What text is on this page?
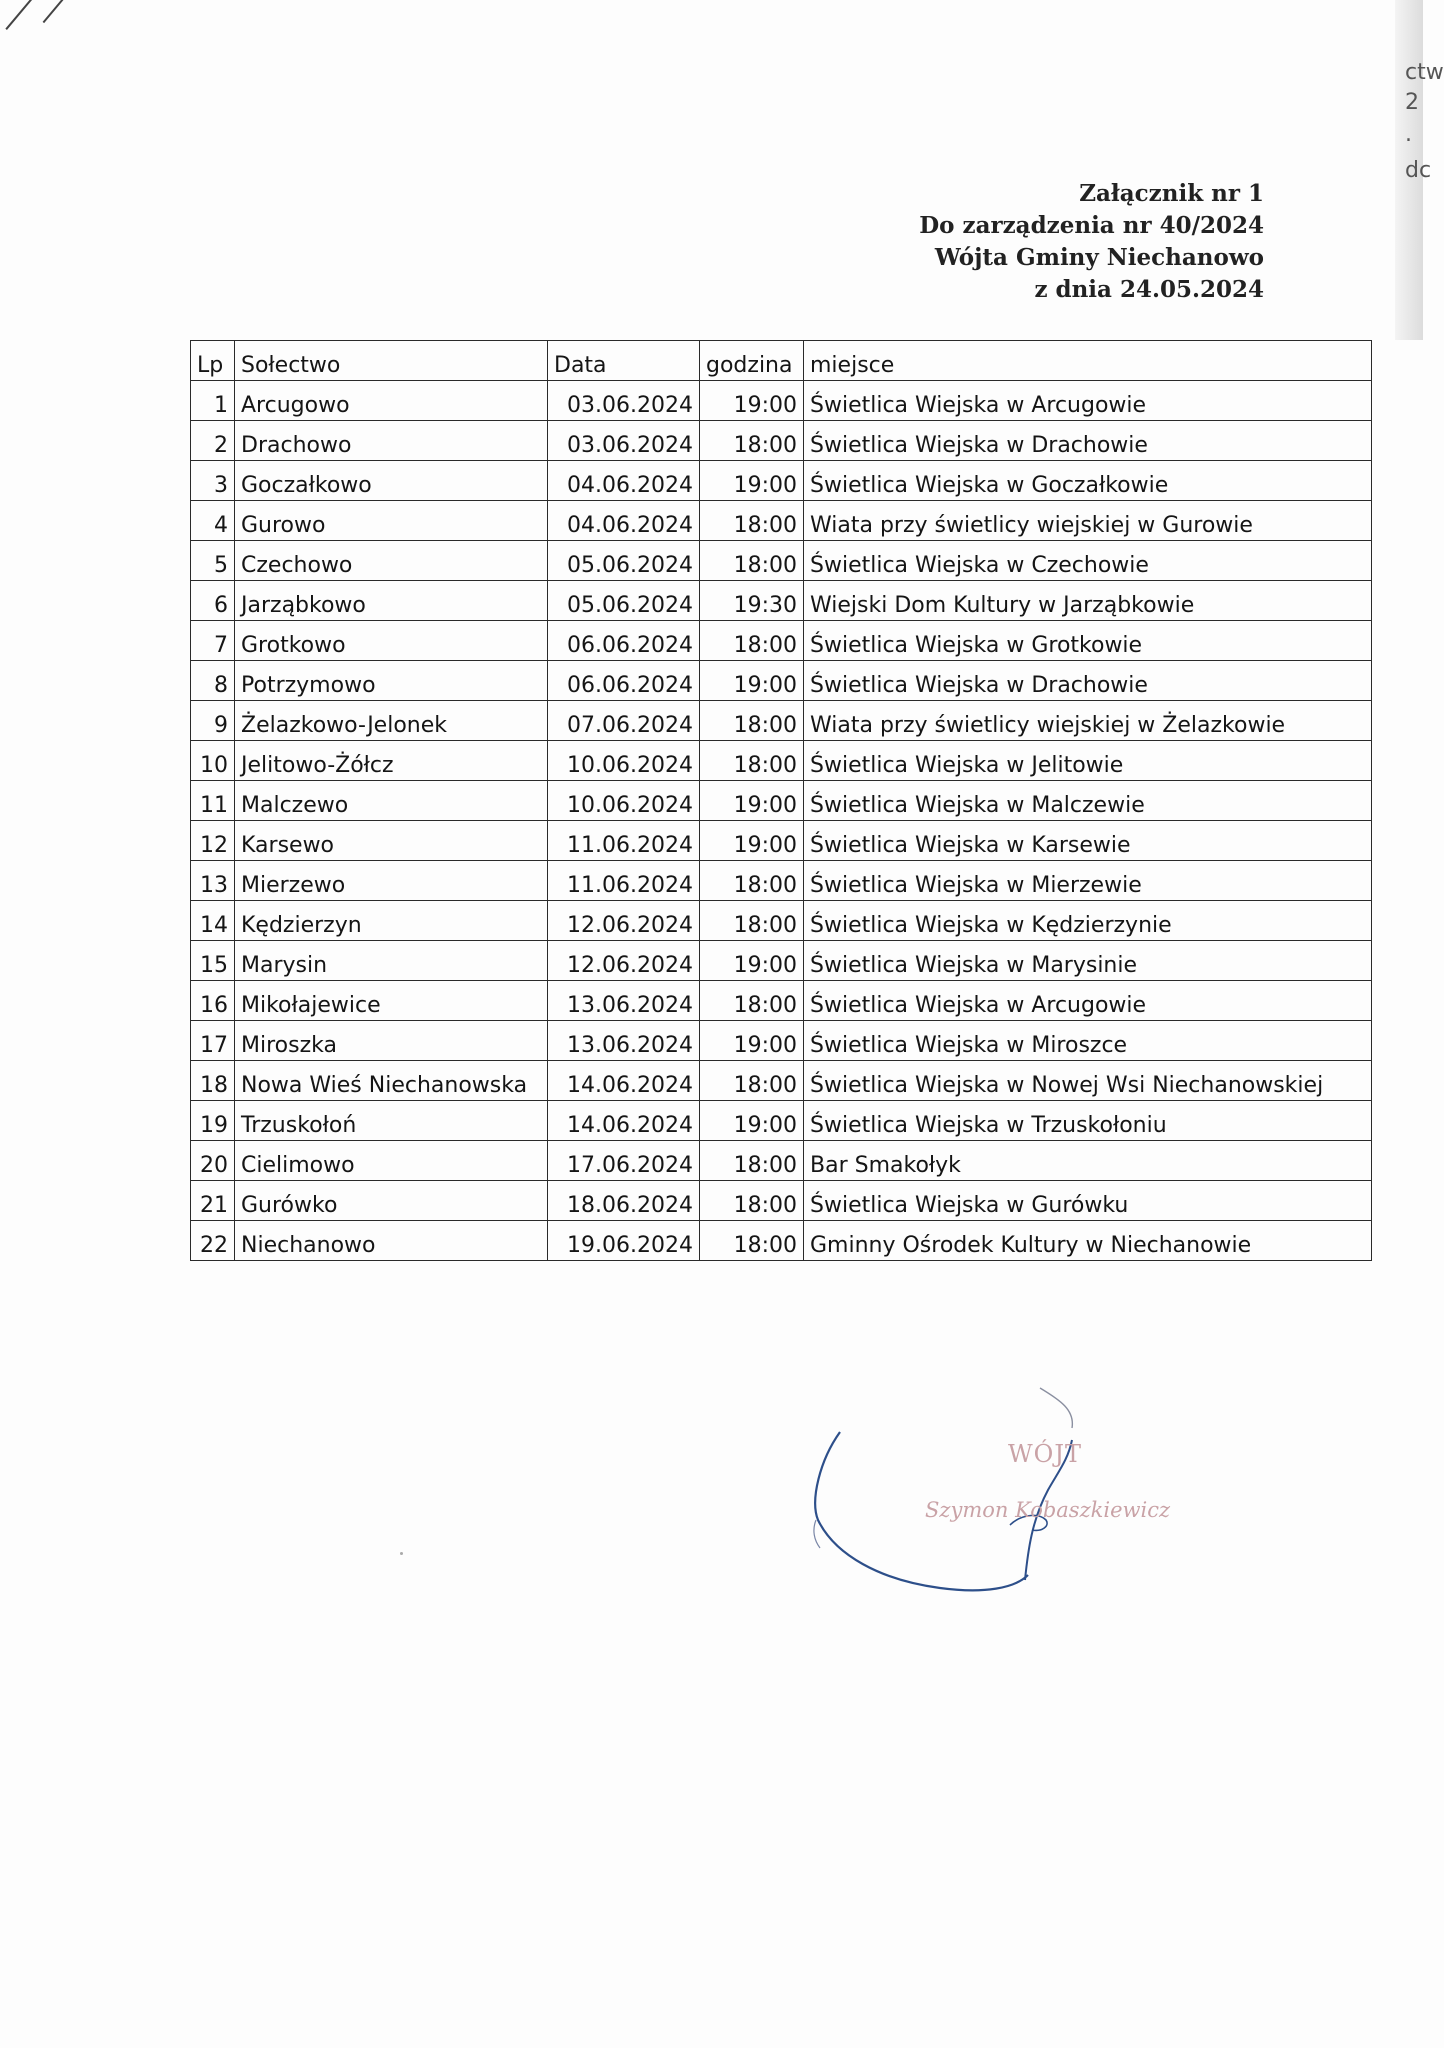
ctw
2
.
dc
Załącznik nr 1
Do zarządzenia nr 40/2024
Wójta Gminy Niechanowo
z dnia 24.05.2024
Lp	Sołectwo	Data	godzina	miejsce
1	Arcugowo	03.06.2024	19:00	Świetlica Wiejska w Arcugowie
2	Drachowo	03.06.2024	18:00	Świetlica Wiejska w Drachowie
3	Goczałkowo	04.06.2024	19:00	Świetlica Wiejska w Goczałkowie
4	Gurowo	04.06.2024	18:00	Wiata przy świetlicy wiejskiej w Gurowie
5	Czechowo	05.06.2024	18:00	Świetlica Wiejska w Czechowie
6	Jarząbkowo	05.06.2024	19:30	Wiejski Dom Kultury w Jarząbkowie
7	Grotkowo	06.06.2024	18:00	Świetlica Wiejska w Grotkowie
8	Potrzymowo	06.06.2024	19:00	Świetlica Wiejska w Drachowie
9	Żelazkowo-Jelonek	07.06.2024	18:00	Wiata przy świetlicy wiejskiej w Żelazkowie
10	Jelitowo-Żółcz	10.06.2024	18:00	Świetlica Wiejska w Jelitowie
11	Malczewo	10.06.2024	19:00	Świetlica Wiejska w Malczewie
12	Karsewo	11.06.2024	19:00	Świetlica Wiejska w Karsewie
13	Mierzewo	11.06.2024	18:00	Świetlica Wiejska w Mierzewie
14	Kędzierzyn	12.06.2024	18:00	Świetlica Wiejska w Kędzierzynie
15	Marysin	12.06.2024	19:00	Świetlica Wiejska w Marysinie
16	Mikołajewice	13.06.2024	18:00	Świetlica Wiejska w Arcugowie
17	Miroszka	13.06.2024	19:00	Świetlica Wiejska w Miroszce
18	Nowa Wieś Niechanowska	14.06.2024	18:00	Świetlica Wiejska w Nowej Wsi Niechanowskiej
19	Trzuskołoń	14.06.2024	19:00	Świetlica Wiejska w Trzuskołoniu
20	Cielimowo	17.06.2024	18:00	Bar Smakołyk
21	Gurówko	18.06.2024	18:00	Świetlica Wiejska w Gurówku
22	Niechanowo	19.06.2024	18:00	Gminny Ośrodek Kultury w Niechanowie
WÓJT
Szymon Kobaszkiewicz
